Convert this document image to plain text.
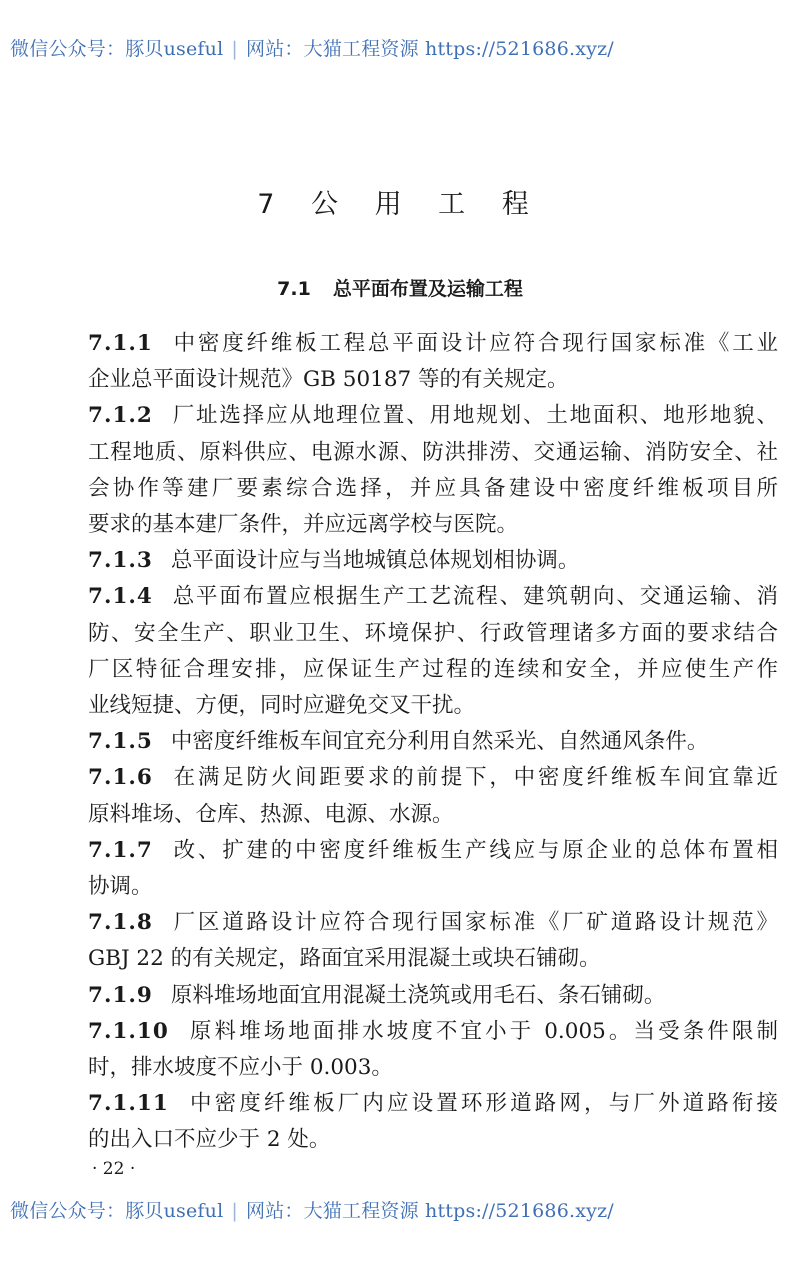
微信公众号：豚贝useful | 网站：大猫工程资源 https://521686.xyz/
7 公 用 工 程
7.1 总平面布置及运输工程
7.1.1 中密度纤维板工程总平面设计应符合现行国家标准《工业
企业总平面设计规范》GB 50187 等的有关规定。
7.1.2 厂址选择应从地理位置、用地规划、土地面积、地形地貌、
工程地质、原料供应、电源水源、防洪排涝、交通运输、消防安全、社
会协作等建厂要素综合选择，并应具备建设中密度纤维板项目所
要求的基本建厂条件，并应远离学校与医院。
7.1.3 总平面设计应与当地城镇总体规划相协调。
7.1.4 总平面布置应根据生产工艺流程、建筑朝向、交通运输、消
防、安全生产、职业卫生、环境保护、行政管理诸多方面的要求结合
厂区特征合理安排，应保证生产过程的连续和安全，并应使生产作
业线短捷、方便，同时应避免交叉干扰。
7.1.5 中密度纤维板车间宜充分利用自然采光、自然通风条件。
7.1.6 在满足防火间距要求的前提下，中密度纤维板车间宜靠近
原料堆场、仓库、热源、电源、水源。
7.1.7 改、扩建的中密度纤维板生产线应与原企业的总体布置相
协调。
7.1.8 厂区道路设计应符合现行国家标准《厂矿道路设计规范》
GBJ 22 的有关规定，路面宜采用混凝土或块石铺砌。
7.1.9 原料堆场地面宜用混凝土浇筑或用毛石、条石铺砌。
7.1.10 原料堆场地面排水坡度不宜小于 0.005。当受条件限制
时，排水坡度不应小于 0.003。
7.1.11 中密度纤维板厂内应设置环形道路网，与厂外道路衔接
的出入口不应少于 2 处。
· 22 ·
微信公众号：豚贝useful | 网站：大猫工程资源 https://521686.xyz/
